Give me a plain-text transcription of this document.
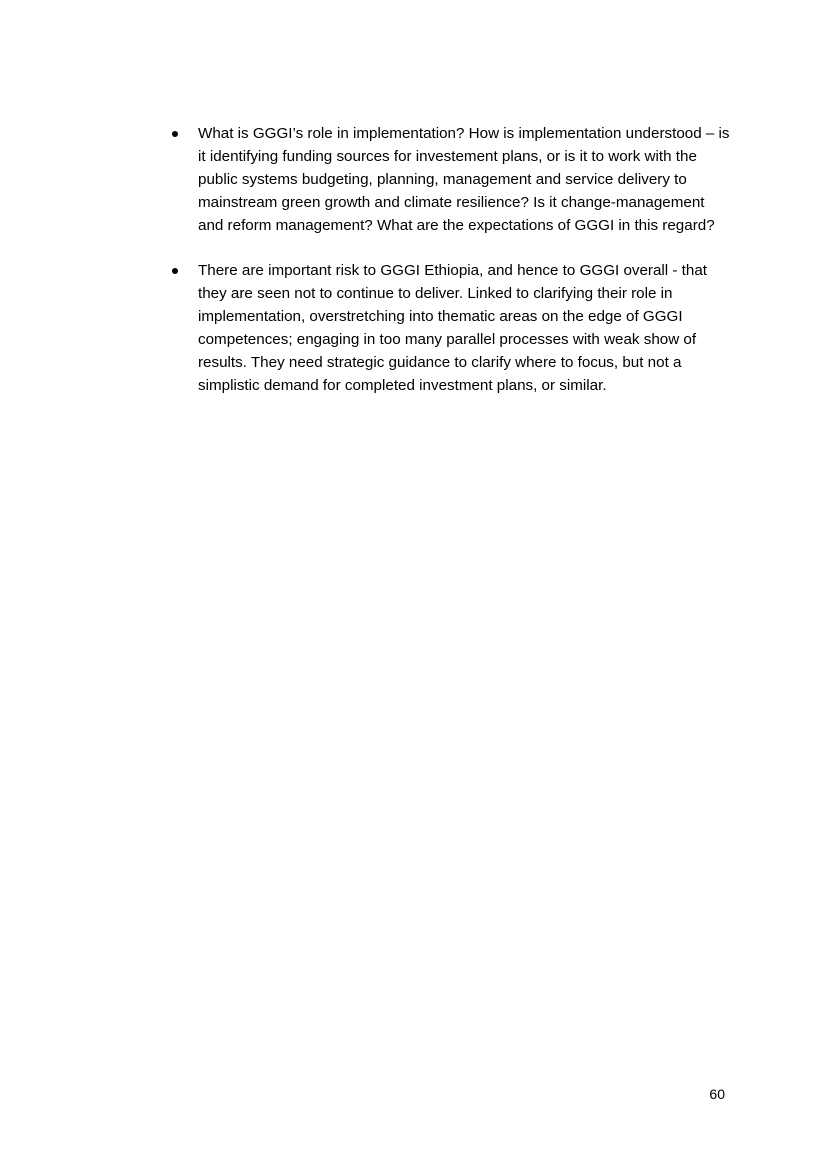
What is GGGI’s role in implementation? How is implementation understood – is it identifying funding sources for investement plans, or is it to work with the public systems budgeting, planning, management and service delivery to mainstream green growth and climate resilience? Is it change-management and reform management? What are the expectations of GGGI in this regard?
There are important risk to GGGI Ethiopia, and hence to GGGI overall - that they are seen not to continue to deliver. Linked to clarifying their role in implementation, overstretching into thematic areas on the edge of GGGI competences; engaging in too many parallel processes with weak show of results. They need strategic guidance to clarify where to focus, but not a simplistic demand for completed investment plans, or similar.
60
